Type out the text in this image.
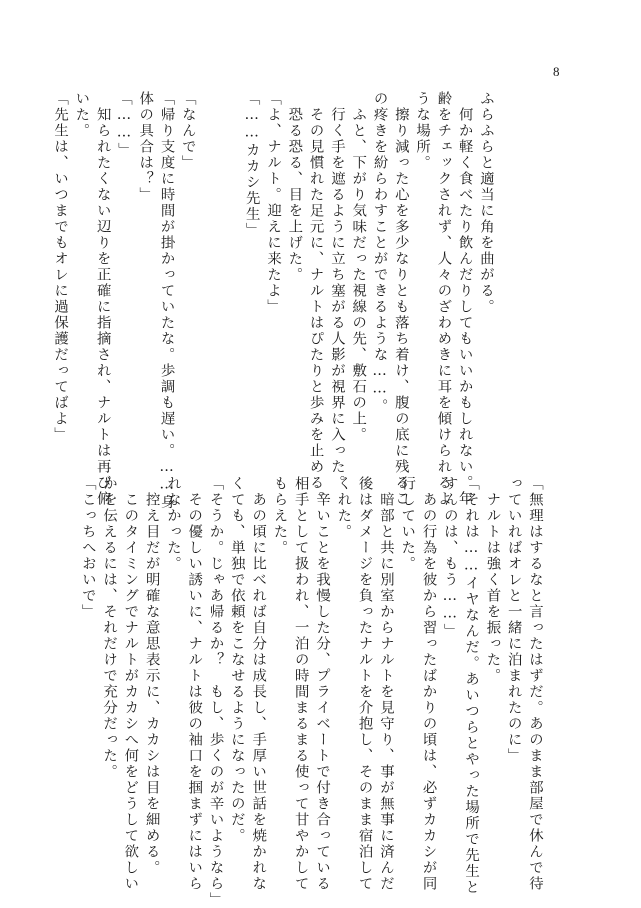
8
ふらふらと適当に角を曲がる。
　何か軽く食べたり飲んだりしてもいいかもしれない。年
齢をチェックされず、人々のざわめきに耳を傾けられるよ
うな場所。
　擦り減った心を多少なりとも落ち着け、腹の底に残るこ
の疼きを紛らわすことができるような……。
　ふと、下がり気味だった視線の先、敷石の上。
　行く手を遮るように立ち塞がる人影が視界に入った。
　その見慣れた足元に、ナルトはぴたりと歩みを止める。
　恐る恐る、目を上げた。
「よ、ナルト。迎えに来たよ」
「……カカシ先生」

「なんで」
「帰り支度に時間が掛かっていたな。歩調も遅い。……身
体の具合は？」
「……」
　知られたくない辺りを正確に指摘され、ナルトは再び俯
いた。
「先生は、いつまでもオレに過保護だってばよ」
「無理はするなと言ったはずだ。あのまま部屋で休んで待
っていればオレと一緒に泊まれたのに」
　ナルトは強く首を振った。
「それは……イヤなんだ。あいつらとやった場所で先生と
すんのは、もう……」
　あの行為を彼から習ったばかりの頃は、必ずカカシが同
行していた。
　暗部と共に別室からナルトを見守り、事が無事に済んだ
後はダメージを負ったナルトを介抱し、そのまま宿泊して
くれた。
　辛いことを我慢した分、プライベートで付き合っている
相手として扱われ、一泊の時間まるまる使って甘やかして
もらえた。
　あの頃に比べれば自分は成長し、手厚い世話を焼かれな
くても、単独で依頼をこなせるようになったのだ。
「そうか。じゃあ帰るか？　もし、歩くのが辛いようなら」
　その優しい誘いに、ナルトは彼の袖口を掴まずにはいら
れなかった。
　控え目だが明確な意思表示に、カカシは目を細める。
　このタイミングでナルトがカカシへ何をどうして欲しい
かを伝えるには、それだけで充分だった。
「こっちへおいで」
